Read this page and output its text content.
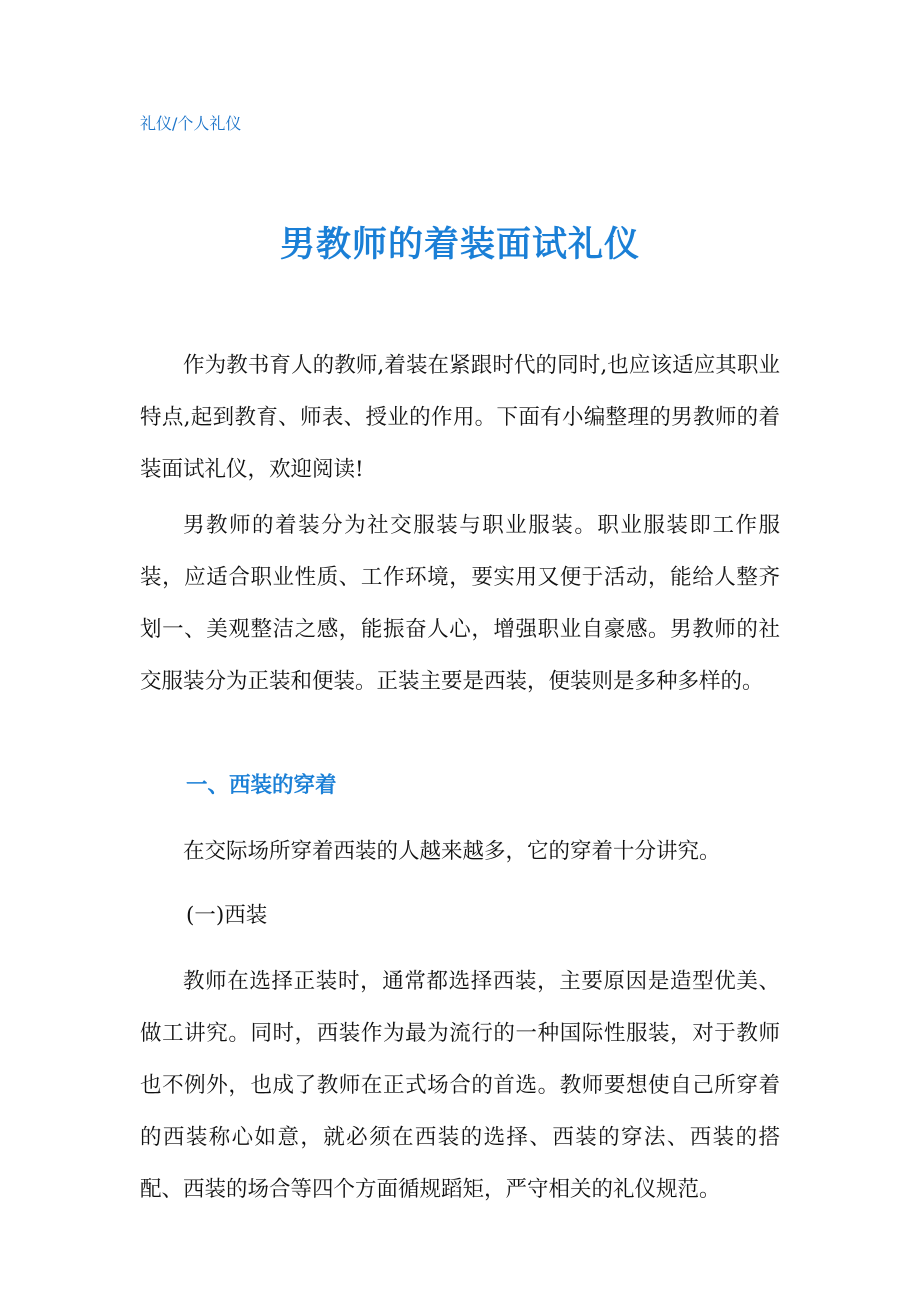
礼仪/个人礼仪
男教师的着装面试礼仪

作为教书育人的教师,着装在紧跟时代的同时,也应该适应其职业特点,起到教育、师表、授业的作用。下面有小编整理的男教师的着装面试礼仪，欢迎阅读!

男教师的着装分为社交服装与职业服装。职业服装即工作服装，应适合职业性质、工作环境，要实用又便于活动，能给人整齐划一、美观整洁之感，能振奋人心，增强职业自豪感。男教师的社交服装分为正装和便装。正装主要是西装，便装则是多种多样的。

一、西装的穿着

在交际场所穿着西装的人越来越多，它的穿着十分讲究。

(一)西装

教师在选择正装时，通常都选择西装，主要原因是造型优美、做工讲究。同时，西装作为最为流行的一种国际性服装，对于教师也不例外，也成了教师在正式场合的首选。教师要想使自己所穿着的西装称心如意，就必须在西装的选择、西装的穿法、西装的搭配、西装的场合等四个方面循规蹈矩，严守相关的礼仪规范。
